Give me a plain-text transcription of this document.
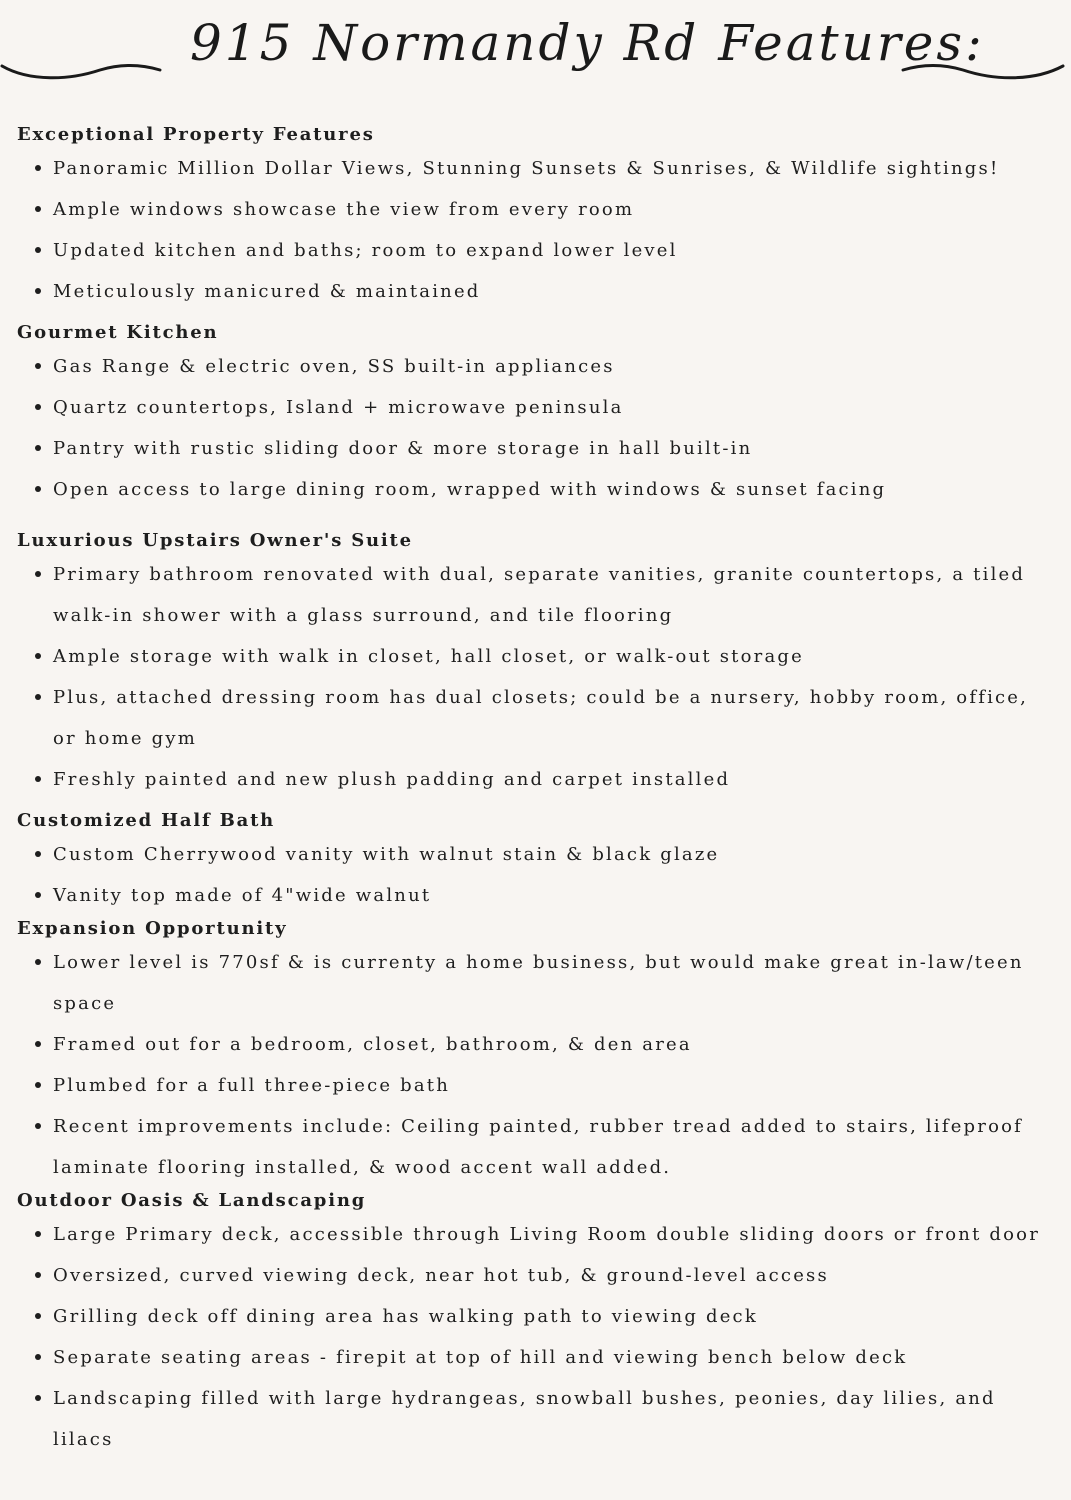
915 Normandy Rd Features:
Exceptional Property Features
Panoramic Million Dollar Views, Stunning Sunsets & Sunrises, & Wildlife sightings!
Ample windows showcase the view from every room
Updated kitchen and baths; room to expand lower level
Meticulously manicured & maintained
Gourmet Kitchen
Gas Range & electric oven, SS built-in appliances
Quartz countertops, Island + microwave peninsula
Pantry with rustic sliding door & more storage in hall built-in
Open access to large dining room, wrapped with windows & sunset facing
Luxurious Upstairs Owner's Suite
Primary bathroom renovated with dual, separate vanities, granite countertops, a tiled walk-in shower with a glass surround, and tile flooring
Ample storage with walk in closet, hall closet, or walk-out storage
Plus, attached dressing room has dual closets; could be a nursery, hobby room, office, or home gym
Freshly painted and new plush padding and carpet installed
Customized Half Bath
Custom Cherrywood vanity with walnut stain & black glaze
Vanity top made of 4"wide walnut
Expansion Opportunity
Lower level is 770sf & is currenty a home business, but would make great in-law/teen space
Framed out for a bedroom, closet, bathroom, & den area
Plumbed for a full three-piece bath
Recent improvements include: Ceiling painted, rubber tread added to stairs, lifeproof laminate flooring installed, & wood accent wall added.
Outdoor Oasis & Landscaping
Large Primary deck, accessible through Living Room double sliding doors or front door
Oversized, curved viewing deck, near hot tub, & ground-level access
Grilling deck off dining area has walking path to viewing deck
Separate seating areas - firepit at top of hill and viewing bench below deck
Landscaping filled with large hydrangeas, snowball bushes, peonies, day lilies, and lilacs
